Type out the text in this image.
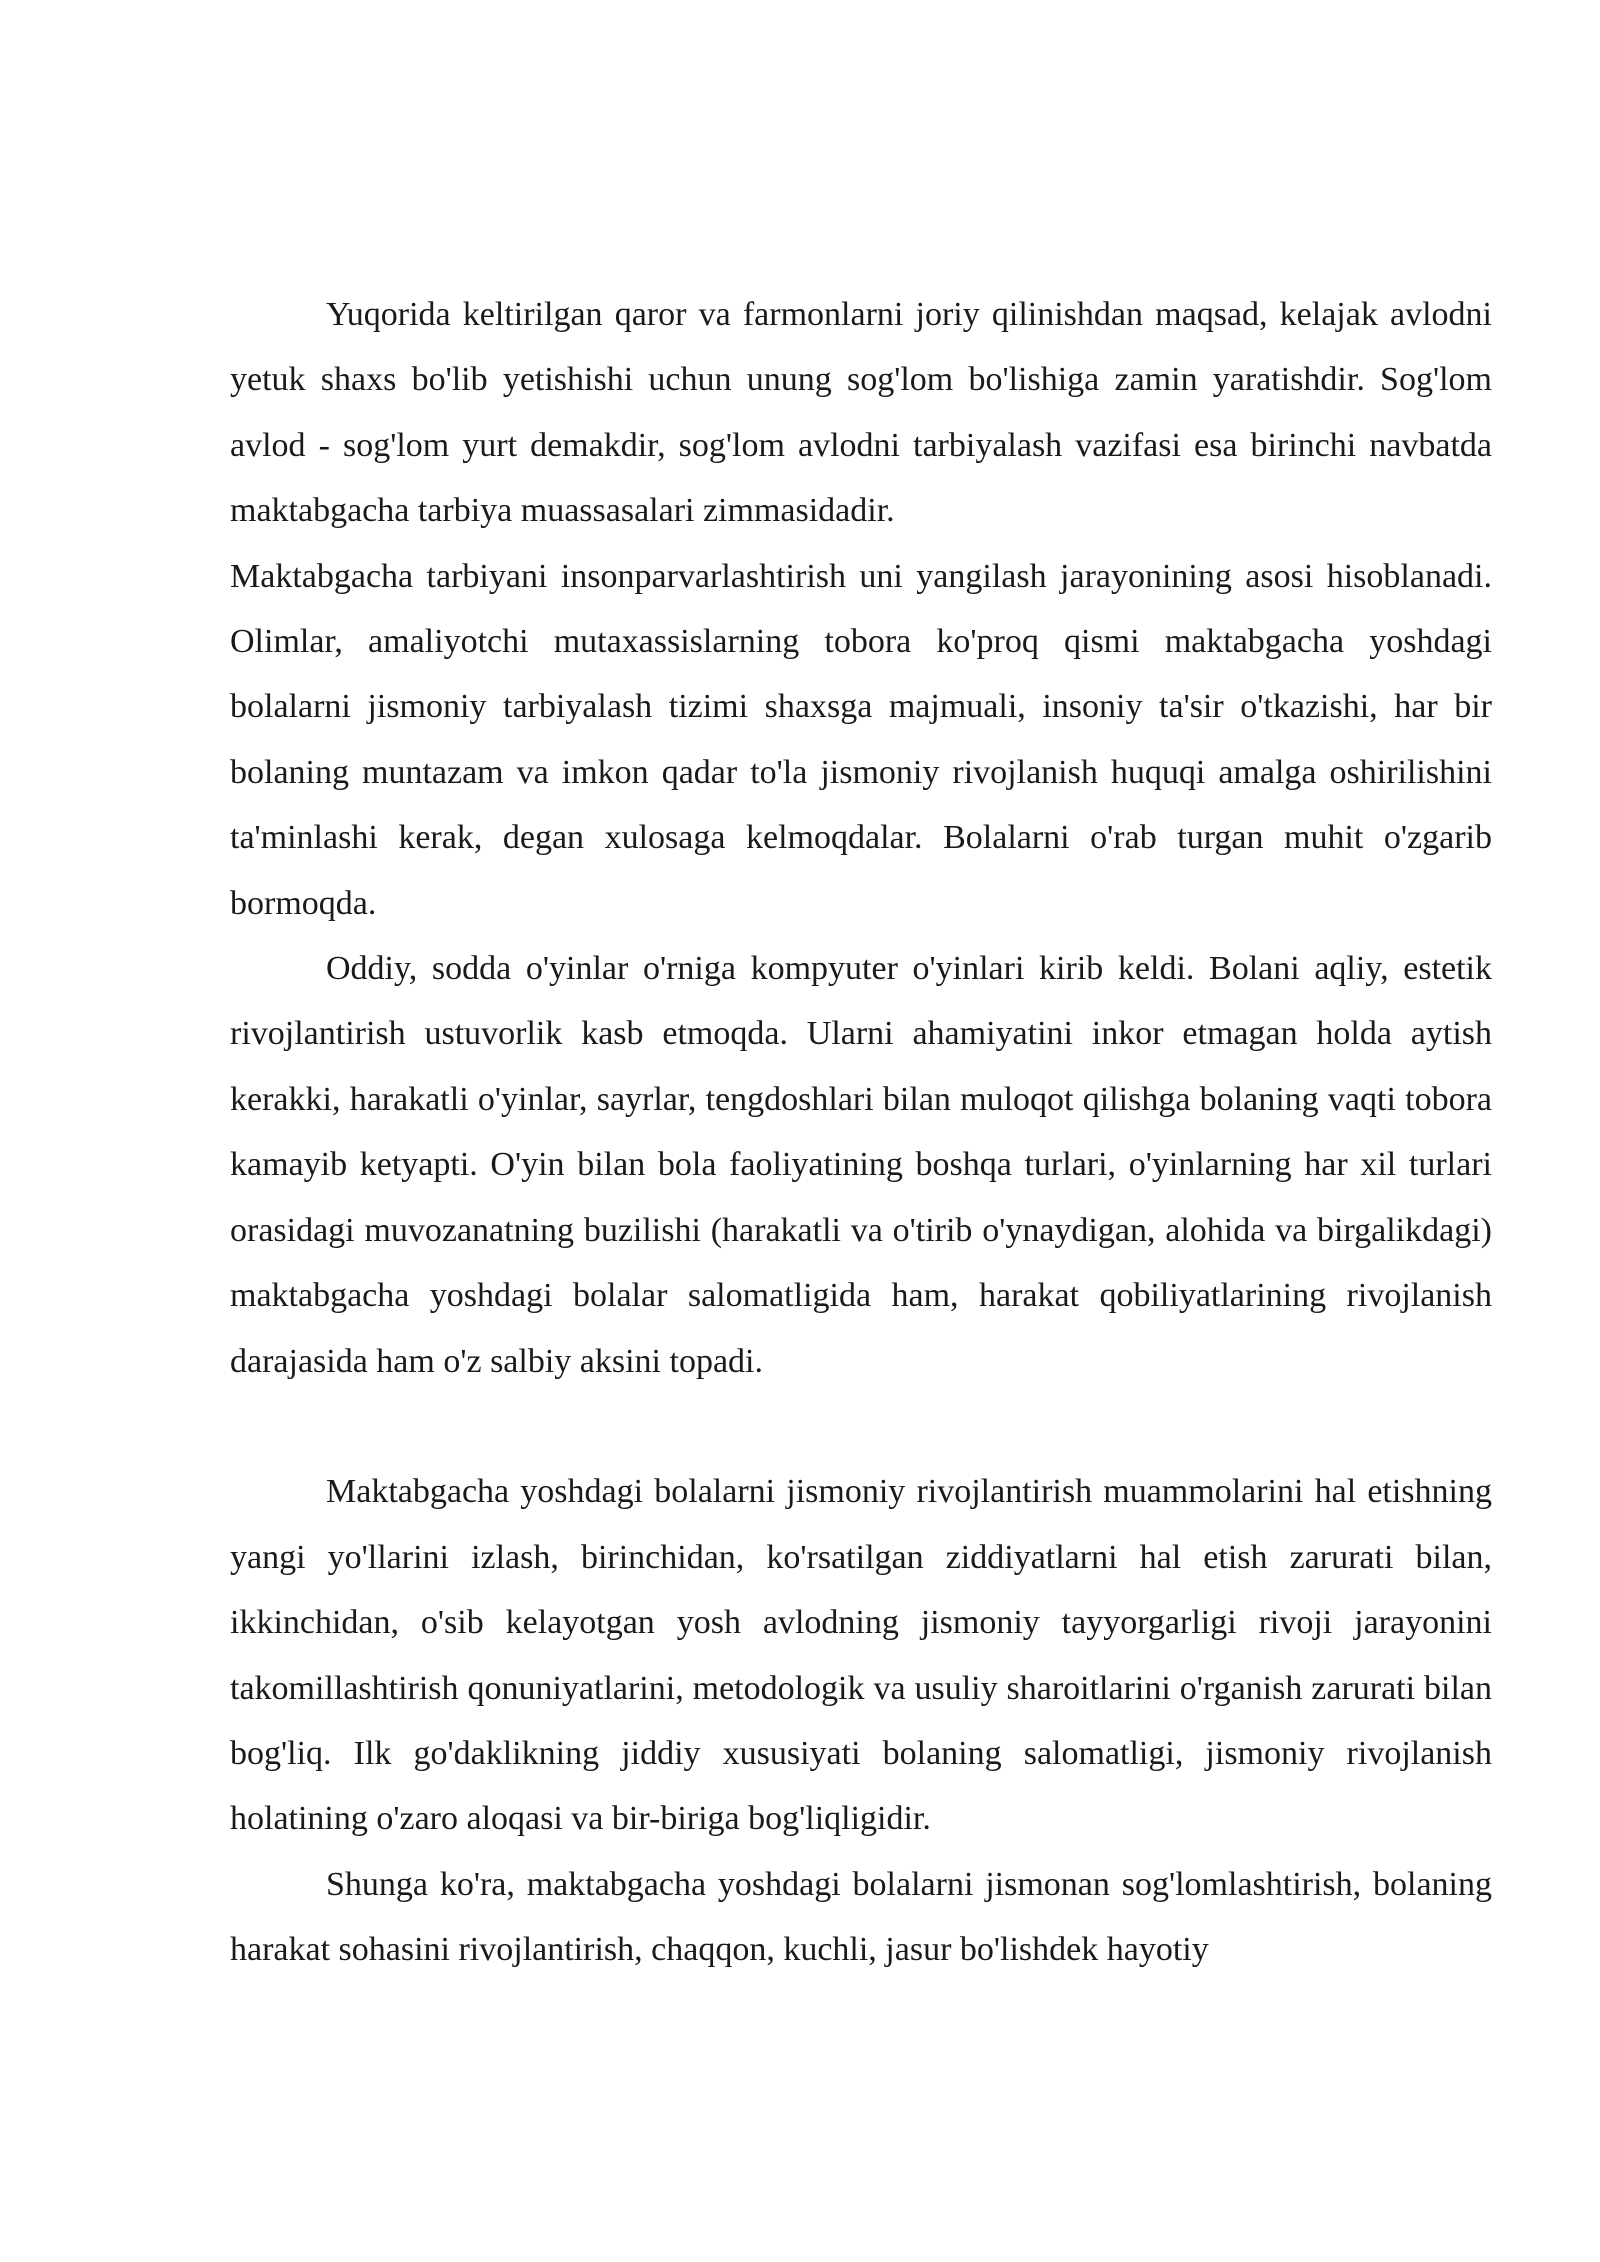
Yuqorida keltirilgan qaror va farmonlarni joriy qilinishdan maqsad, kelajak avlodni yetuk shaxs bo'lib yetishishi uchun unung sog'lom bo'lishiga zamin yaratishdir. Sog'lom avlod - sog'lom yurt demakdir, sog'lom avlodni tarbiyalash vazifasi esa birinchi navbatda maktabgacha tarbiya muassasalari zimmasidadir.

Maktabgacha tarbiyani insonparvarlashtirish uni yangilash jarayonining asosi hisoblanadi. Olimlar, amaliyotchi mutaxassislarning tobora ko'proq qismi maktabgacha yoshdagi bolalarni jismoniy tarbiyalash tizimi shaxsga majmuali, insoniy ta'sir o'tkazishi, har bir bolaning muntazam va imkon qadar to'la jismoniy rivojlanish huquqi amalga oshirilishini ta'minlashi kerak, degan xulosaga kelmoqdalar. Bolalarni o'rab turgan muhit o'zgarib bormoqda.

Oddiy, sodda o'yinlar o'rniga kompyuter o'yinlari kirib keldi. Bolani aqliy, estetik rivojlantirish ustuvorlik kasb etmoqda. Ularni ahamiyatini inkor etmagan holda aytish kerakki, harakatli o'yinlar, sayrlar, tengdoshlari bilan muloqot qilishga bolaning vaqti tobora kamayib ketyapti. O'yin bilan bola faoliyatining boshqa turlari, o'yinlarning har xil turlari orasidagi muvozanatning buzilishi (harakatli va o'tirib o'ynaydigan, alohida va birgalikdagi) maktabgacha yoshdagi bolalar salomatligida ham, harakat qobiliyatlarining rivojlanish darajasida ham o'z salbiy aksini topadi.

Maktabgacha yoshdagi bolalarni jismoniy rivojlantirish muammolarini hal etishning yangi yo'llarini izlash, birinchidan, ko'rsatilgan ziddiyatlarni hal etish zarurati bilan, ikkinchidan, o'sib kelayotgan yosh avlodning jismoniy tayyorgarligi rivoji jarayonini takomillashtirish qonuniyatlarini, metodologik va usuliy sharoitlarini o'rganish zarurati bilan bog'liq. Ilk go'daklikning jiddiy xususiyati bolaning salomatligi, jismoniy rivojlanish holatining o'zaro aloqasi va bir-biriga bog'liqligidir.

Shunga ko'ra, maktabgacha yoshdagi bolalarni jismonan sog'lomlashtirish, bolaning harakat sohasini rivojlantirish, chaqqon, kuchli, jasur bo'lishdek hayotiy
